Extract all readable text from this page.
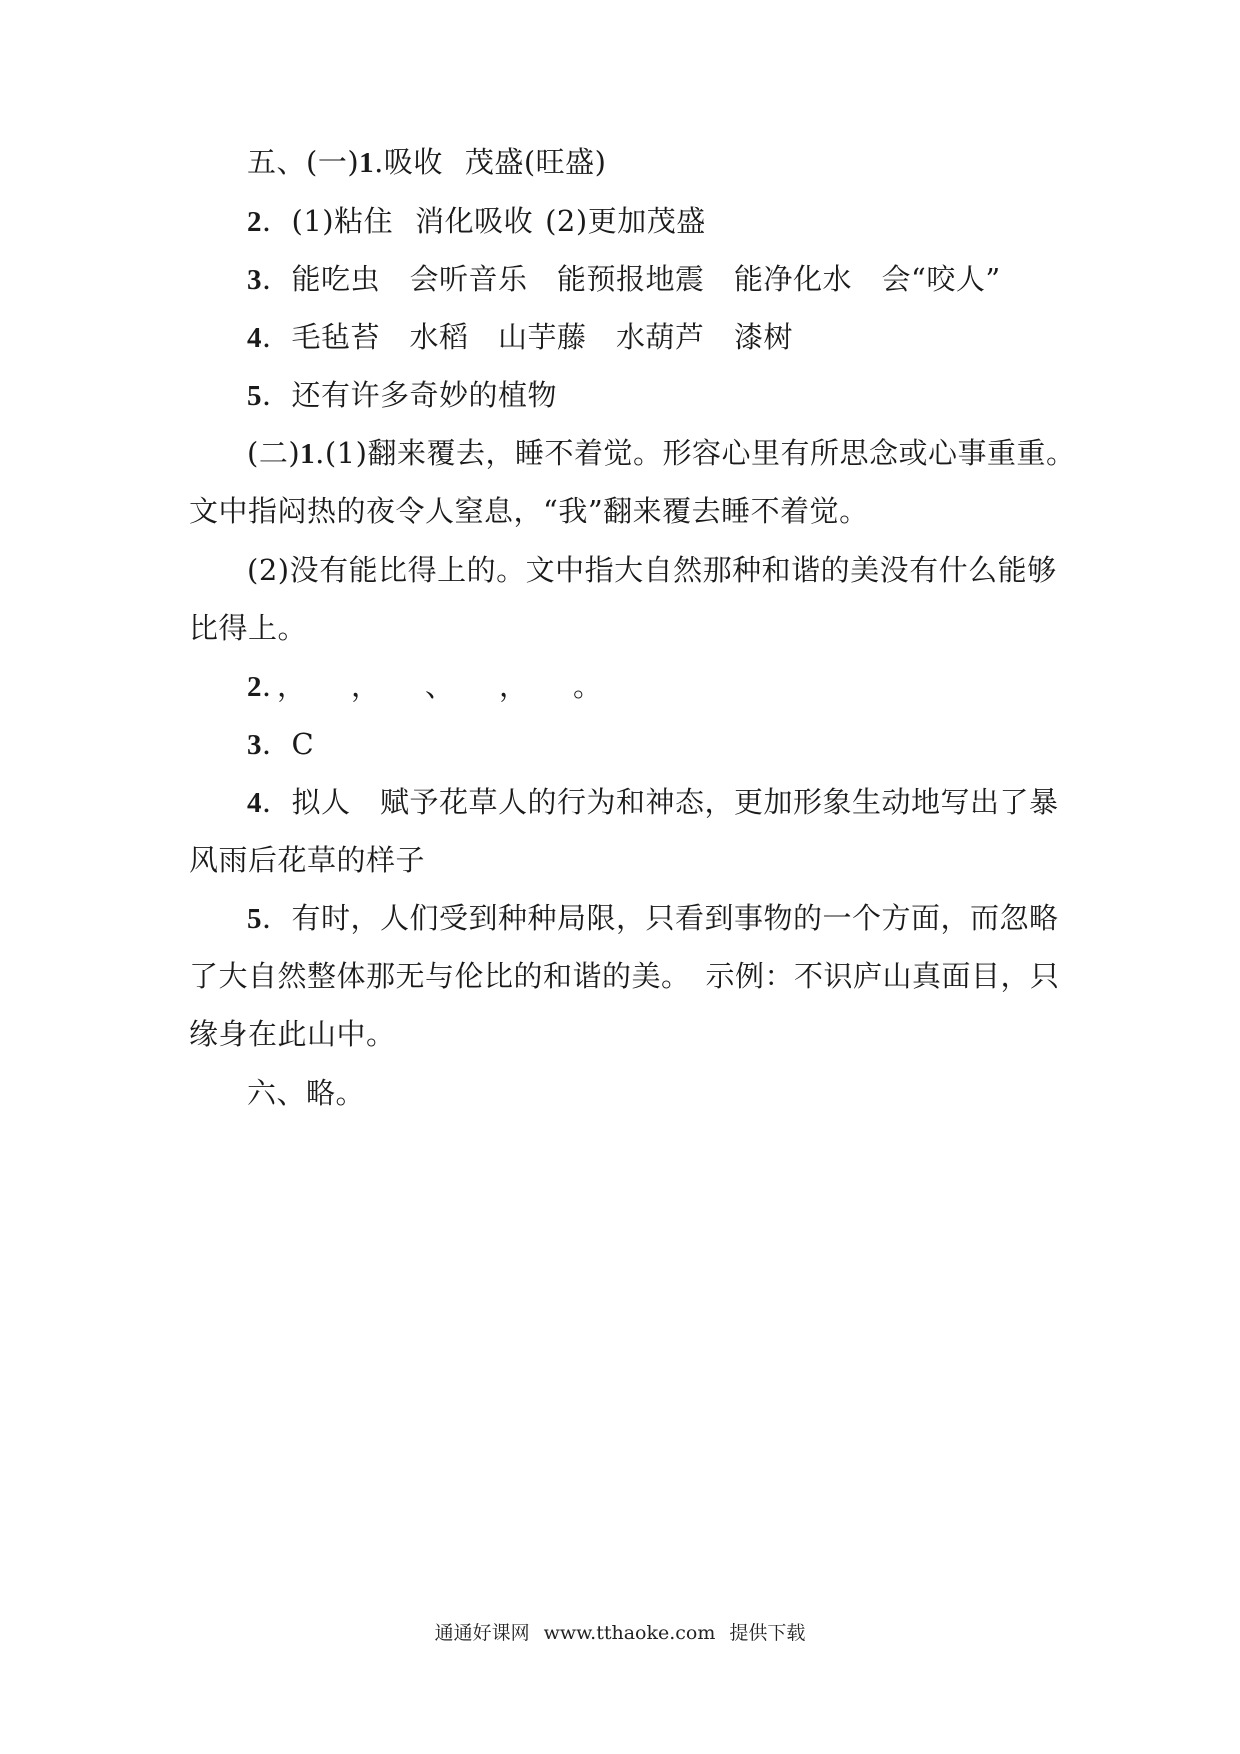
五、(一)1.吸收 茂盛(旺盛)
2．(1)粘住 消化吸收 (2)更加茂盛
3．能吃虫　会听音乐　能预报地震　能净化水　会“咬人”
4．毛毡苔　水稻　山芋藤　水葫芦　漆树
5．还有许多奇妙的植物
(二)1.(1)翻来覆去，睡不着觉。形容心里有所思念或心事重重。
文中指闷热的夜令人窒息，“我”翻来覆去睡不着觉。
(2)没有能比得上的。文中指大自然那种和谐的美没有什么能够
比得上。
2．，　　，　　、　　，　　。
3．C
4．拟人　赋予花草人的行为和神态，更加形象生动地写出了暴
风雨后花草的样子
5．有时，人们受到种种局限，只看到事物的一个方面，而忽略
了大自然整体那无与伦比的和谐的美。　示例：不识庐山真面目，只
缘身在此山中。
六、略。
通通好课网 www.tthaoke.com 提供下载
